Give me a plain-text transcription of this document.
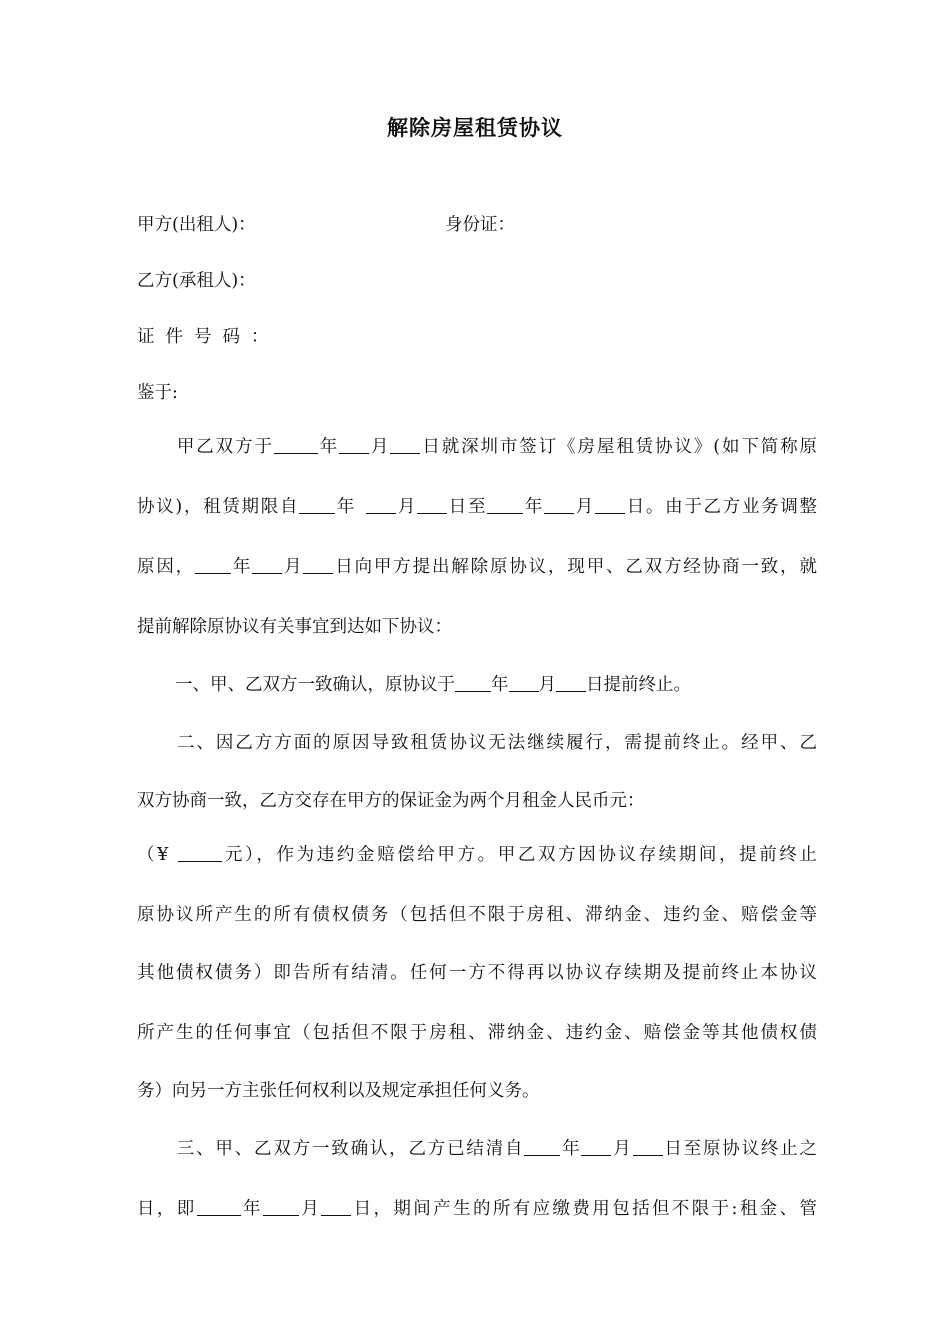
解除房屋租赁协议
甲方(出租人)：	身份证：
乙方(承租人)：
证件号码：
鉴于:
甲乙双方于	年 月 日就深圳市签订《房屋租赁协议》(如下简称原
协议)，租赁期限自 年 月 日至 年 月 日。由于乙方业务调整
原因， 年 月 日向甲方提出解除原协议，现甲、乙双方经协商一致，就
提前解除原协议有关事宜到达如下协议：
一、甲、乙双方一致确认，原协议于 年 月 日提前终止。
二、因乙方方面的原因导致租赁协议无法继续履行，需提前终止。经甲、乙
双方协商一致，乙方交存在甲方的保证金为两个月租金人民币元：
（¥	元），作为违约金赔偿给甲方。甲乙双方因协议存续期间，提前终止
原协议所产生的所有债权债务（包括但不限于房租、滞纳金、违约金、赔偿金等
其他债权债务）即告所有结清。任何一方不得再以协议存续期及提前终止本协议
所产生的任何事宜（包括但不限于房租、滞纳金、违约金、赔偿金等其他债权债
务）向另一方主张任何权利以及规定承担任何义务。
三、甲、乙双方一致确认，乙方已结清自 年 月 日至原协议终止之
日，即	年 月 日，期间产生的所有应缴费用包括但不限于:租金、管
